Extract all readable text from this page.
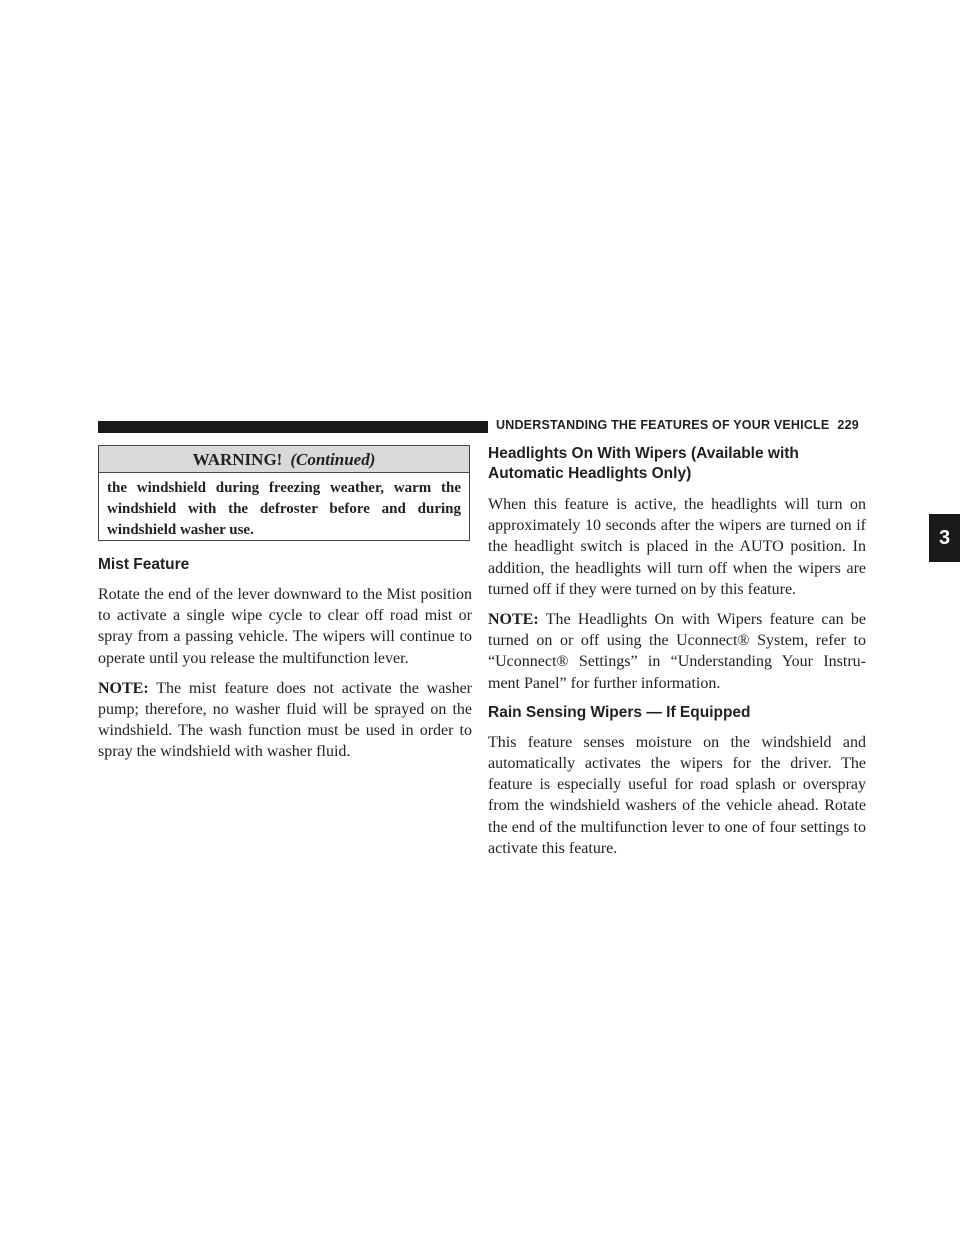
UNDERSTANDING THE FEATURES OF YOUR VEHICLE 229
WARNING! (Continued)
the windshield during freezing weather, warm the windshield with the defroster before and during windshield washer use.
Mist Feature

Rotate the end of the lever downward to the Mist position to activate a single wipe cycle to clear off road mist or spray from a passing vehicle. The wipers will continue to operate until you release the multifunction lever.

NOTE: The mist feature does not activate the washer pump; therefore, no washer fluid will be sprayed on the windshield. The wash function must be used in order to spray the windshield with washer fluid.

Headlights On With Wipers (Available with Automatic Headlights Only)

When this feature is active, the headlights will turn on approximately 10 seconds after the wipers are turned on if the headlight switch is placed in the AUTO position. In addition, the headlights will turn off when the wipers are turned off if they were turned on by this feature.

NOTE: The Headlights On with Wipers feature can be turned on or off using the Uconnect® System, refer to “Uconnect® Settings” in “Understanding Your Instru-ment Panel” for further information.

Rain Sensing Wipers — If Equipped

This feature senses moisture on the windshield and automatically activates the wipers for the driver. The feature is especially useful for road splash or overspray from the windshield washers of the vehicle ahead. Rotate the end of the multifunction lever to one of four settings to activate this feature.

3
